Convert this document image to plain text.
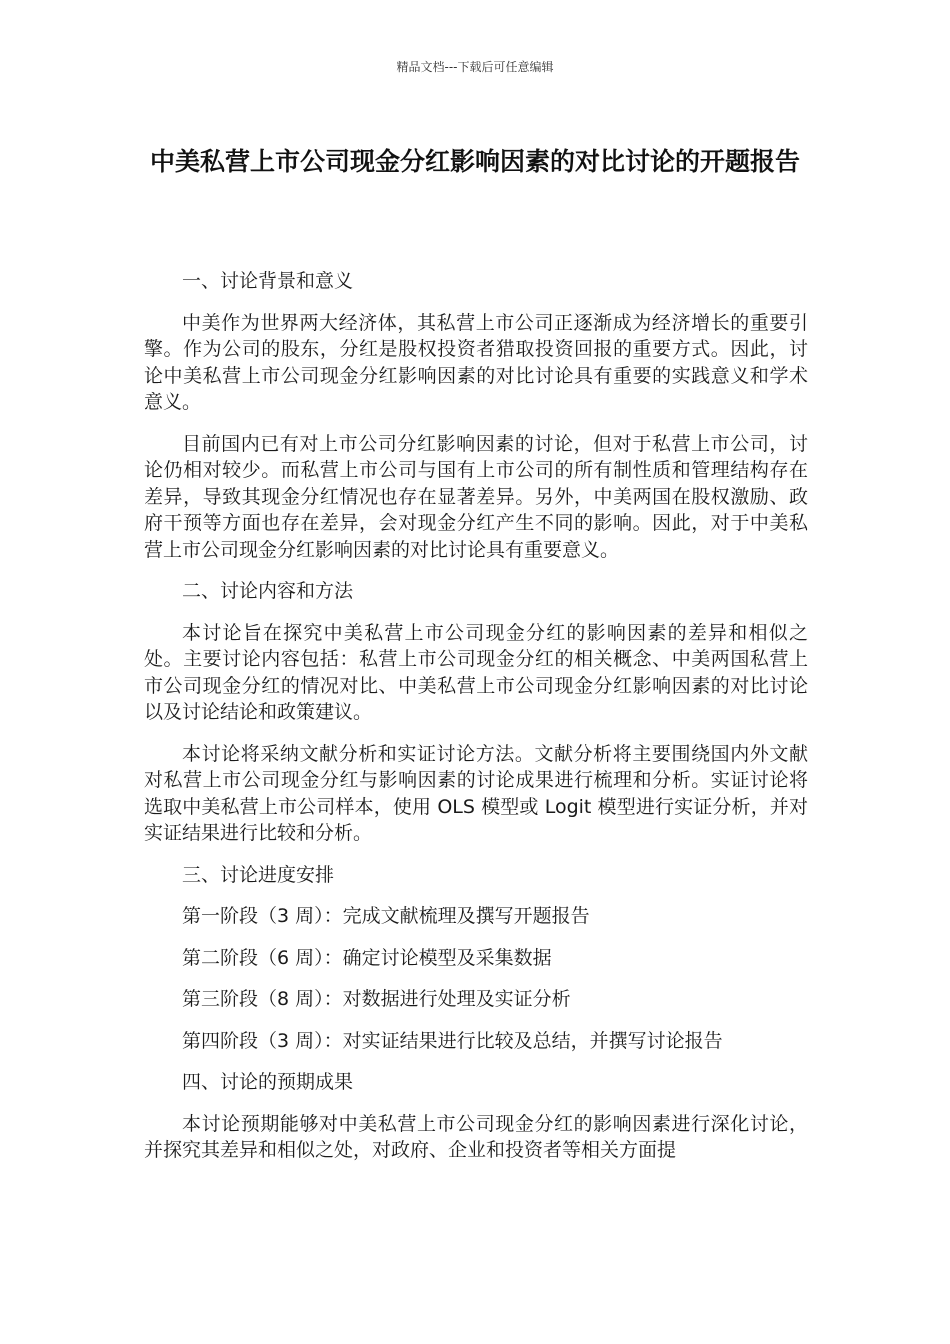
精品文档---下载后可任意编辑
中美私营上市公司现金分红影响因素的对比讨论的开题报告

一、讨论背景和意义

中美作为世界两大经济体，其私营上市公司正逐渐成为经济增长的重要引擎。作为公司的股东，分红是股权投资者猎取投资回报的重要方式。因此，讨论中美私营上市公司现金分红影响因素的对比讨论具有重要的实践意义和学术意义。

目前国内已有对上市公司分红影响因素的讨论，但对于私营上市公司，讨论仍相对较少。而私营上市公司与国有上市公司的所有制性质和管理结构存在差异，导致其现金分红情况也存在显著差异。另外，中美两国在股权激励、政府干预等方面也存在差异，会对现金分红产生不同的影响。因此，对于中美私营上市公司现金分红影响因素的对比讨论具有重要意义。

二、讨论内容和方法

本讨论旨在探究中美私营上市公司现金分红的影响因素的差异和相似之处。主要讨论内容包括：私营上市公司现金分红的相关概念、中美两国私营上市公司现金分红的情况对比、中美私营上市公司现金分红影响因素的对比讨论以及讨论结论和政策建议。

本讨论将采纳文献分析和实证讨论方法。文献分析将主要围绕国内外文献对私营上市公司现金分红与影响因素的讨论成果进行梳理和分析。实证讨论将选取中美私营上市公司样本，使用 OLS 模型或 Logit 模型进行实证分析，并对实证结果进行比较和分析。

三、讨论进度安排

第一阶段（3 周）：完成文献梳理及撰写开题报告

第二阶段（6 周）：确定讨论模型及采集数据

第三阶段（8 周）：对数据进行处理及实证分析

第四阶段（3 周）：对实证结果进行比较及总结，并撰写讨论报告

四、讨论的预期成果

本讨论预期能够对中美私营上市公司现金分红的影响因素进行深化讨论，并探究其差异和相似之处，对政府、企业和投资者等相关方面提
